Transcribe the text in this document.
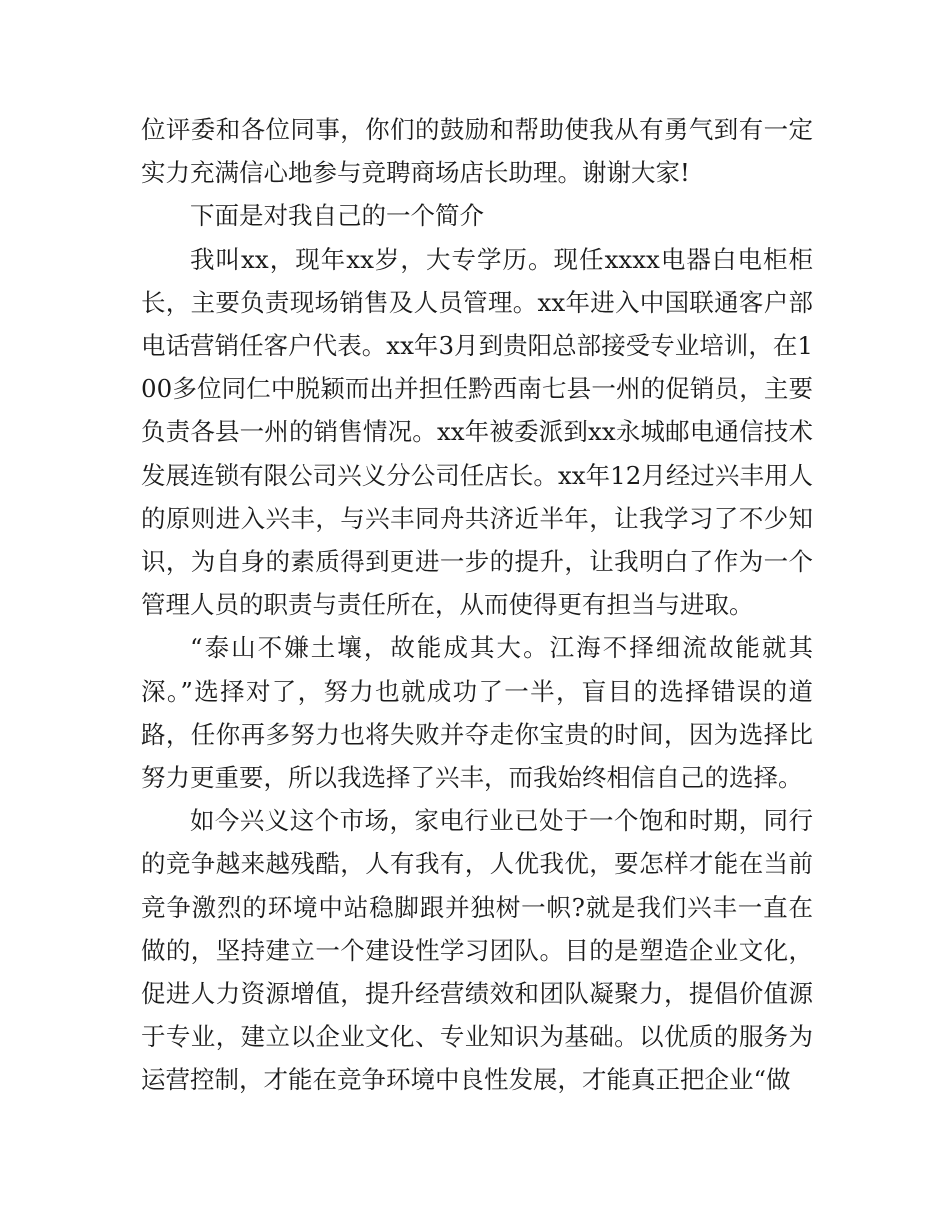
位评委和各位同事，你们的鼓励和帮助使我从有勇气到有一定实力充满信心地参与竞聘商场店长助理。谢谢大家!

下面是对我自己的一个简介

我叫xx，现年xx岁，大专学历。现任xxxx电器白电柜柜长，主要负责现场销售及人员管理。xx年进入中国联通客户部电话营销任客户代表。xx年3月到贵阳总部接受专业培训，在100多位同仁中脱颖而出并担任黔西南七县一州的促销员，主要负责各县一州的销售情况。xx年被委派到xx永城邮电通信技术发展连锁有限公司兴义分公司任店长。xx年12月经过兴丰用人的原则进入兴丰，与兴丰同舟共济近半年，让我学习了不少知识，为自身的素质得到更进一步的提升，让我明白了作为一个管理人员的职责与责任所在，从而使得更有担当与进取。

“泰山不嫌土壤，故能成其大。江海不择细流故能就其深。”选择对了，努力也就成功了一半，盲目的选择错误的道路，任你再多努力也将失败并夺走你宝贵的时间，因为选择比努力更重要，所以我选择了兴丰，而我始终相信自己的选择。

如今兴义这个市场，家电行业已处于一个饱和时期，同行的竞争越来越残酷，人有我有，人优我优，要怎样才能在当前竞争激烈的环境中站稳脚跟并独树一帜?就是我们兴丰一直在做的，坚持建立一个建设性学习团队。目的是塑造企业文化，促进人力资源增值，提升经营绩效和团队凝聚力，提倡价值源于专业，建立以企业文化、专业知识为基础。以优质的服务为运营控制，才能在竞争环境中良性发展，才能真正把企业“做
